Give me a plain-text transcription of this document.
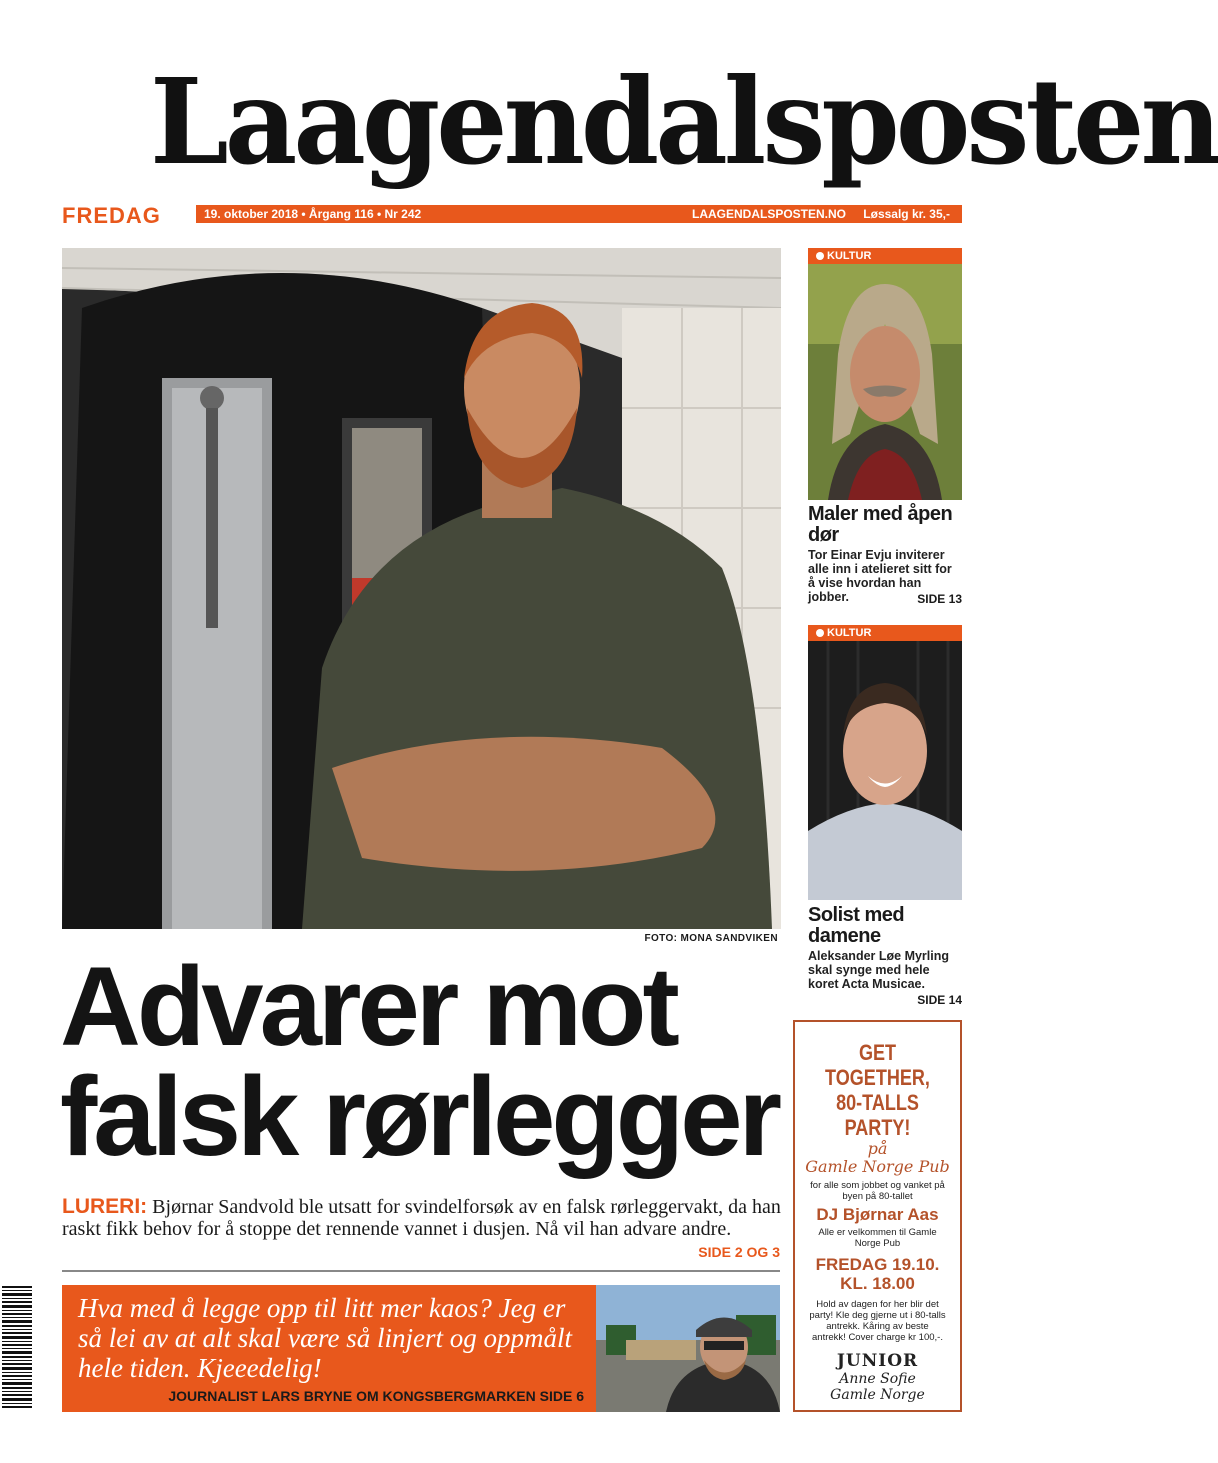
Laagendalsposten
FREDAG	19. oktober 2018 • Årgang 116 • Nr 242	LAAGENDALSPOSTEN.NO Løssalg kr. 35,-
FOTO: MONA SANDVIKEN
Advarer mot
falsk rørlegger
LURERI: Bjørnar Sandvold ble utsatt for svindelforsøk av en falsk rørleggervakt, da han raskt fikk behov for å stoppe det rennende vannet i dusjen. Nå vil han advare andre.
SIDE 2 OG 3
Hva med å legge opp til litt mer kaos? Jeg er så lei av at alt skal være så linjert og oppmålt hele tiden. Kjeeedelig!
JOURNALIST LARS BRYNE OM KONGSBERGMARKEN SIDE 6
KULTUR
Maler med åpen dør
Tor Einar Evju inviterer alle inn i atelieret sitt for å vise hvordan han jobber.	SIDE 13
KULTUR
Solist med damene
Aleksander Løe Myrling skal synge med hele koret Acta Musicae.
SIDE 14
GET TOGETHER,
80-TALLS PARTY!
på
Gamle Norge Pub
for alle som jobbet og vanket på byen på 80-tallet
DJ Bjørnar Aas
Alle er velkommen til Gamle Norge Pub
FREDAG 19.10.
KL. 18.00
Hold av dagen for her blir det party! Kle deg gjerne ut i 80-talls antrekk. Kåring av beste antrekk! Cover charge kr 100,-.
JUNIOR
Anne Sofie
Gamle Norge
